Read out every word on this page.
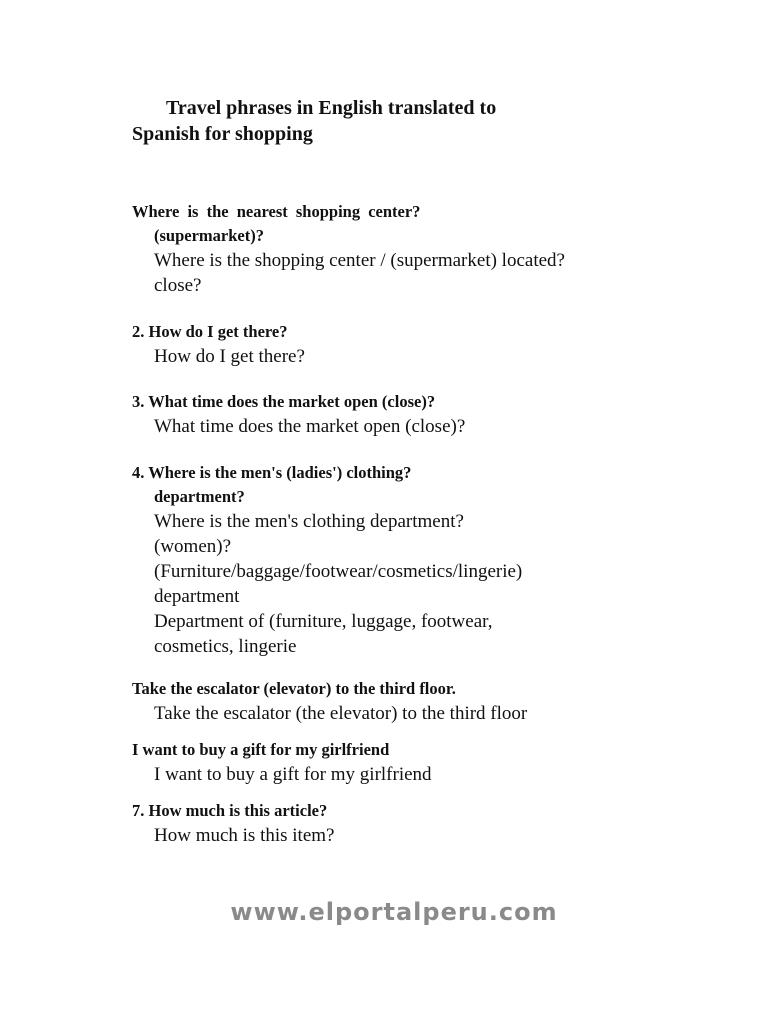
Travel phrases in English translated to
Spanish for shopping
Where is the nearest shopping center?
(supermarket)?
Where is the shopping center / (supermarket) located?
close?
2. How do I get there?
How do I get there?
3. What time does the market open (close)?
What time does the market open (close)?
4. Where is the men's (ladies') clothing?
department?
Where is the men's clothing department?
(women)?
(Furniture/baggage/footwear/cosmetics/lingerie)
department
Department of (furniture, luggage, footwear,
cosmetics, lingerie
Take the escalator (elevator) to the third floor.
Take the escalator (the elevator) to the third floor
I want to buy a gift for my girlfriend
I want to buy a gift for my girlfriend
7. How much is this article?
How much is this item?
www.elportalperu.com
